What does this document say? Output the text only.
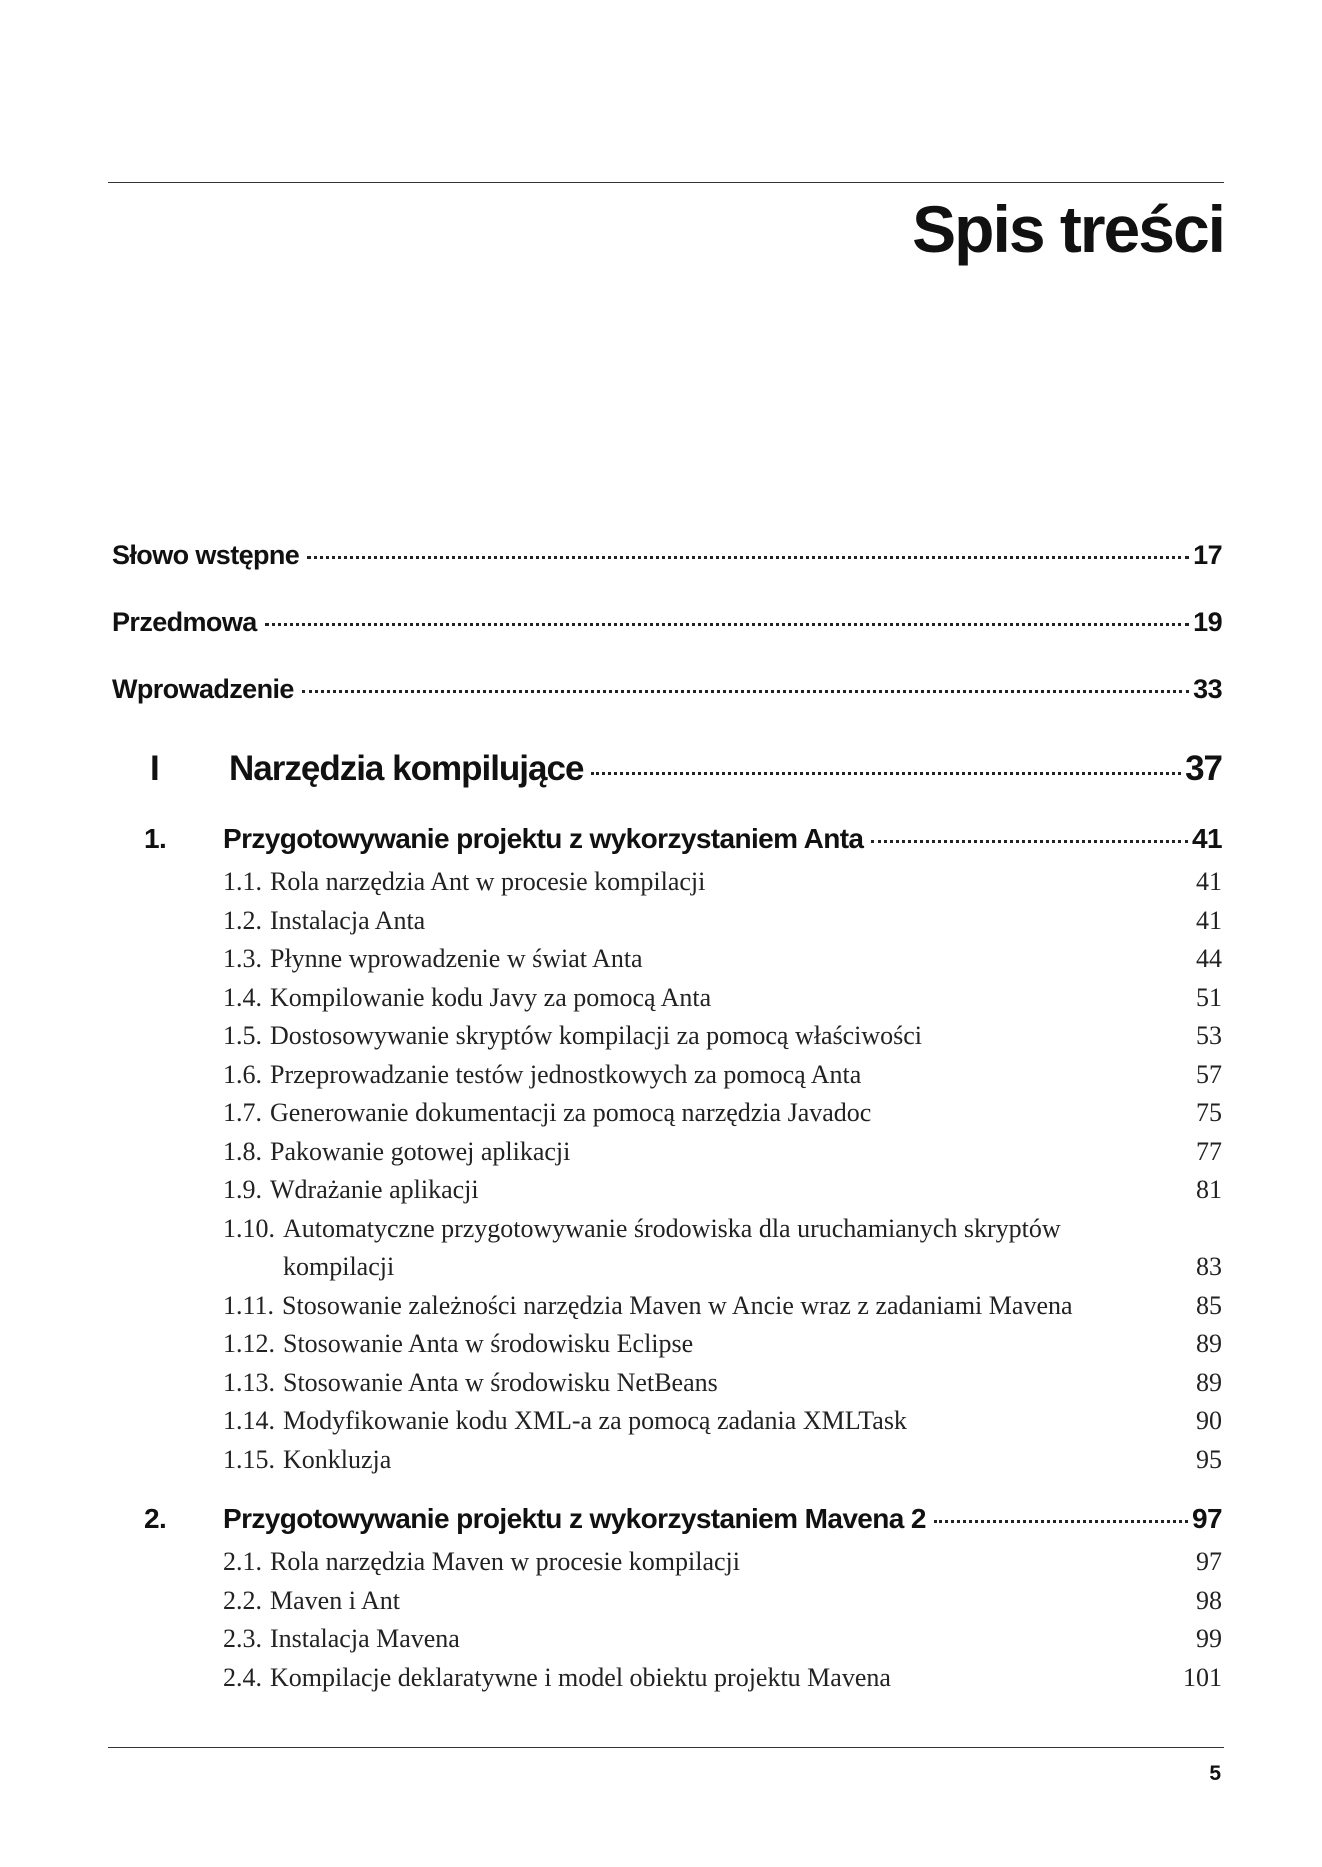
Spis treści
Słowo wstępne	17
Przedmowa	19
Wprowadzenie	33
I	Narzędzia kompilujące	37
1.	Przygotowywanie projektu z wykorzystaniem Anta	41
1.1. Rola narzędzia Ant w procesie kompilacji	41
1.2. Instalacja Anta	41
1.3. Płynne wprowadzenie w świat Anta	44
1.4. Kompilowanie kodu Javy za pomocą Anta	51
1.5. Dostosowywanie skryptów kompilacji za pomocą właściwości	53
1.6. Przeprowadzanie testów jednostkowych za pomocą Anta	57
1.7. Generowanie dokumentacji za pomocą narzędzia Javadoc	75
1.8. Pakowanie gotowej aplikacji	77
1.9. Wdrażanie aplikacji	81
1.10. Automatyczne przygotowywanie środowiska dla uruchamianych skryptów kompilacji	83
1.11. Stosowanie zależności narzędzia Maven w Ancie wraz z zadaniami Mavena	85
1.12. Stosowanie Anta w środowisku Eclipse	89
1.13. Stosowanie Anta w środowisku NetBeans	89
1.14. Modyfikowanie kodu XML-a za pomocą zadania XMLTask	90
1.15. Konkluzja	95
2.	Przygotowywanie projektu z wykorzystaniem Mavena 2	97
2.1. Rola narzędzia Maven w procesie kompilacji	97
2.2. Maven i Ant	98
2.3. Instalacja Mavena	99
2.4. Kompilacje deklaratywne i model obiektu projektu Mavena	101
5
